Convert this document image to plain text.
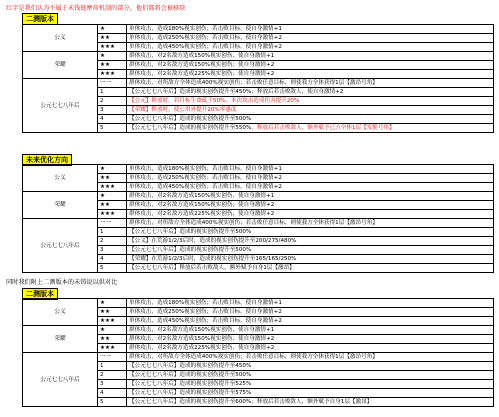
红字是我们认为不属于未钱链摩荷机制的部分，他们都将会被移除
二测版本
公义	★	单体攻击，造成180%视实创伤；若击败目标，使自身激情+1
	★★	单体攻击，造成250%视实创伤；若击败目标，使自身激情+2
	★★★	单体攻击，造成450%视实创伤；若击败目标，使自身激情+2
荣耀	★	群体攻击，对2名敌方造成150%视实创伤，使自身激情+1
	★★	群体攻击，对2名敌方造成150%视实创伤；使自身激情+2
	★★★	群体攻击，对2名敌方造成225%视实创伤；使自身激情+2
公元七七八年后	一一	群体攻击，对所敌方全体造成400%视实创伤；若击败任意目标，则使我方全体获得1层【激昂号角】
	1	【公元七七八年后】造成的视实创伤提升至450%；释放后若击败敌人，使自身激情+2
	2	【公元】释放时，若目标生命低于50%，本次攻击造成伤害提升20%
	3	【荣耀】释放时，使公用外提升20%零惠度
	4	【公元七七八年后】造成的视实创伤提升至500%
	5	【公元七七八年后】造成的视实创伤提升至550%，释放后若击败敌人，额外赋予已方全体1层【发脆号角】
未来优化方向
公义	★	单体攻击，造成180%视实创伤；若击败目标，使自身激情+1
	★★	单体攻击，造成250%视实创伤；若击败目标，使自身激情+2
	★★★	单体攻击，造成450%视实创伤；若击败目标，使自身激情+2
荣耀	★	群体攻击，对2名敌方造成150%视实创伤，使自身激情+1
	★★	群体攻击，对2名敌方造成150%视实创伤；使自身激情+2
	★★★	群体攻击，对2名敌方造成225%视实创伤，使自身激情+2
公元七七八年后	一一	群体攻击，对所敌方全体造成400%视实创伤；若击败任意目标，则使我方全体获得1层【激昂号角】
	1	【公元七七八年后】造成的视实创伤提升至500%
	2	【公义】在荒游1/2/3后时，造成的视实创伤提升至200/275/480%
	3	【公元七七八年后】造成的视实创伤提升至500%
	4	【荣耀】在荒游1/2/3后时，造成的视实创伤提升至165/165/250%
	5	【公元七七八年后】释放后若击败敌人，额外赋予自身1层【激昂】
同时我们附上二测版本的未铸说以供对比
二测版本
公义	★	单体攻击，造成180%视实创伤；若击败目标，使自身激情+1
	★★	单体攻击，造成250%视实创伤；若击败目标，使自身激情+2
	★★★	单体攻击，造成450%视实创伤；若击败目标，使自身激情+2
荣耀	★	群体攻击，对2名敌方造成150%视实创伤，使自身激情+1
	★★	群体攻击，对2名敌方造成150%视实创伤；使自身激情+2
	★★★	群体攻击，对2名敌方造成225%视实创伤，使自身激情+2
公元七七八年后	一一	群体攻击，对所敌方全体造成400%视实创伤；若击败任意目标，则使我方全体获得1层【激昂号角】
	1	【公元七七八年后】造成的视实创伤提升至450%
	2	【公元七七八年后】造成的视实创伤提升至500%
	3	【公元七七八年后】造成的视实创伤提升至525%
	4	【公元七七八年后】造成的视实创伤提升至575%
	5	【公元七七八年后】造成的视实创伤提升至600%；释放后若击败敌人，额外赋予自身1层【激昂】
